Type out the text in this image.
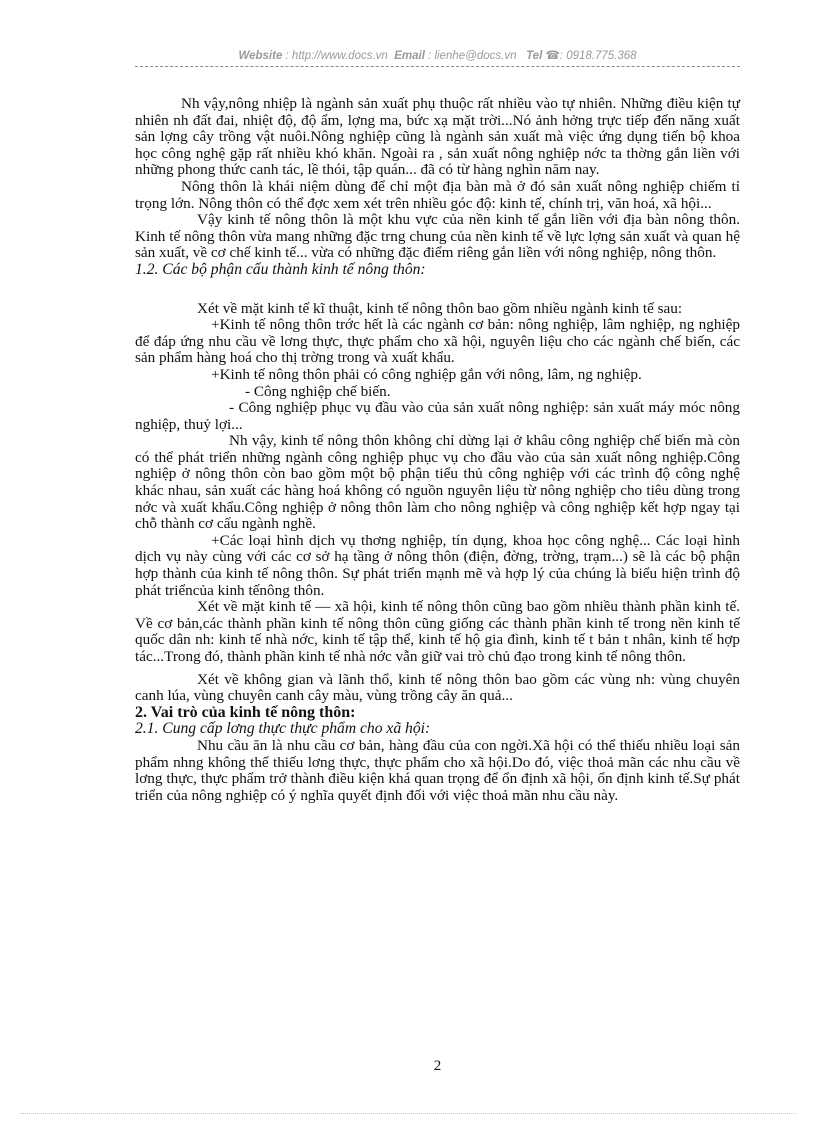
Website : http://www.docs.vn Email : lienhe@docs.vn Tel ☎: 0918.775.368

Nh vậy,nông nhiệp là ngành sản xuất phụ thuộc rất nhiều vào tự nhiên. Những điều kiện tự nhiên nh đất đai, nhiệt độ, độ ẩm, lợng ma, bức xạ mặt trời...Nó ảnh hởng trực tiếp đến năng xuất sản lợng cây trồng vật nuôi.Nông nghiệp cũng là ngành sản xuất mà việc ứng dụng tiến bộ khoa học công nghệ gặp rất nhiều khó khăn. Ngoài ra , sản xuất nông nghiệp nớc ta thờng gắn liền với những phong thức canh tác, lề thói, tập quán... đã có từ hàng nghìn năm nay.

Nông thôn là khái niệm dùng để chỉ một địa bàn mà ở đó sản xuất nông nghiệp chiếm tỉ trọng lớn. Nông thôn có thể đợc xem xét trên nhiều góc độ: kinh tế, chính trị, văn hoá, xã hội...

Vậy kinh tế nông thôn là một khu vực của nền kinh tế gắn liền với địa bàn nông thôn. Kinh tế nông thôn vừa mang những đặc trng chung của nền kinh tế về lực lợng sản xuất và quan hệ sản xuất, về cơ chế kinh tế... vừa có những đặc điểm riêng gắn liền với nông nghiệp, nông thôn.

1.2. Các bộ phận cấu thành kinh tế nông thôn:

Xét về mặt kinh tế kĩ thuật, kinh tế nông thôn bao gồm nhiều ngành kinh tế sau:

+Kinh tế nông thôn trớc hết là các ngành cơ bản: nông nghiệp, lâm nghiệp, ng nghiệp để đáp ứng nhu cầu về lơng thực, thực phẩm cho xã hội, nguyên liệu cho các ngành chế biến, các sản phẩm hàng hoá cho thị trờng trong và xuất khẩu.

+Kinh tế nông thôn phải có công nghiệp gắn với nông, lâm, ng nghiệp.

- Công nghiệp chế biến.

- Công nghiệp phục vụ đầu vào của sản xuất nông nghiệp: sản xuất máy móc nông nghiệp, thuỷ lợi...

Nh vậy, kinh tế nông thôn không chỉ dừng lại ở khâu công nghiệp chế biến mà còn có thể phát triển những ngành công nghiệp phục vụ cho đầu vào của sản xuất nông nghiệp.Công nghiệp ở nông thôn còn bao gồm một bộ phận tiểu thủ công nghiệp với các trình độ công nghệ khác nhau, sản xuất các hàng hoá không có nguồn nguyên liệu từ nông nghiệp cho tiêu dùng trong nớc và xuất khẩu.Công nghiệp ở nông thôn làm cho nông nghiệp và công nghiệp kết hợp ngay tại chỗ thành cơ cấu ngành nghề.

+Các loại hình dịch vụ thơng nghiệp, tín dụng, khoa học công nghệ... Các loại hình dịch vụ này cùng với các cơ sở hạ tầng ở nông thôn (điện, đờng, trờng, trạm...) sẽ là các bộ phận hợp thành của kinh tế nông thôn. Sự phát triển mạnh mẽ và hợp lý của chúng là biểu hiện trình độ phát triểncủa kinh tếnông thôn.

Xét về mặt kinh tế — xã hội, kinh tế nông thôn cũng bao gồm nhiều thành phần kinh tế. Về cơ bản,các thành phần kinh tế nông thôn cũng giống các thành phần kinh tế trong nền kinh tế quốc dân nh: kinh tế nhà nớc, kinh tế tập thể, kinh tế hộ gia đình, kinh tế t bản t nhân, kinh tế hợp tác...Trong đó, thành phần kinh tế nhà nớc vẫn giữ vai trò chủ đạo trong kinh tế nông thôn.

Xét về không gian và lãnh thổ, kinh tế nông thôn bao gồm các vùng nh: vùng chuyên canh lúa, vùng chuyên canh cây màu, vùng trồng cây ăn quả...

2. Vai trò của kinh tế nông thôn:

2.1. Cung cấp lơng thực thực phẩm cho xã hội:

Nhu cầu ăn là nhu cầu cơ bản, hàng đầu của con ngời.Xã hội có thể thiếu nhiều loại sản phẩm nhng không thể thiếu lơng thực, thực phẩm cho xã hội.Do đó, việc thoả mãn các nhu cầu về lơng thực, thực phẩm trở thành điều kiện khá quan trọng để ổn định xã hội, ổn định kinh tế.Sự phát triển của nông nghiệp có ý nghĩa quyết định đối với việc thoả mãn nhu cầu này.

2
